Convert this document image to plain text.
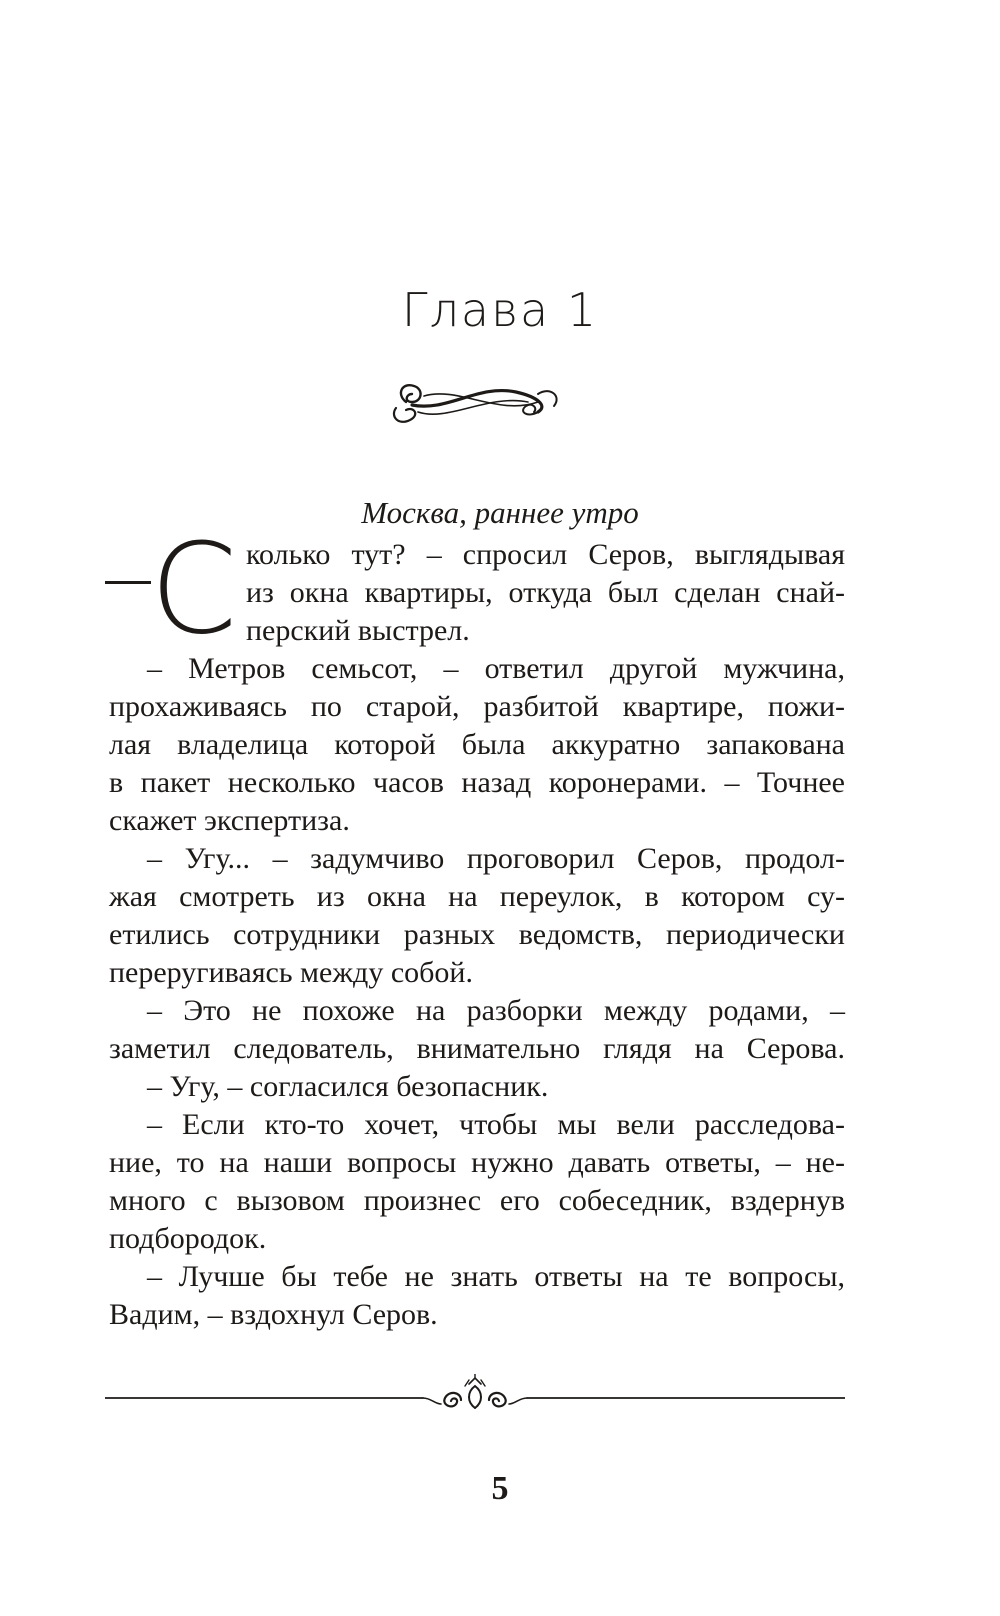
Глава 1
Москва, раннее утро
С колько тут? – спросил Серов, выглядывая
из окна квартиры, откуда был сделан снай-
перский выстрел.
– Метров семьсот, – ответил другой мужчина,
прохаживаясь по старой, разбитой квартире, пожи-
лая владелица которой была аккуратно запакована
в пакет несколько часов назад коронерами. – Точнее
скажет экспертиза.
– Угу... – задумчиво проговорил Серов, продол-
жая смотреть из окна на переулок, в котором су-
етились сотрудники разных ведомств, периодически
переругиваясь между собой.
– Это не похоже на разборки между родами, –
заметил следователь, внимательно глядя на Серова.
– Угу, – согласился безопасник.
– Если кто-то хочет, чтобы мы вели расследова-
ние, то на наши вопросы нужно давать ответы, – не-
много с вызовом произнес его собеседник, вздернув
подбородок.
– Лучше бы тебе не знать ответы на те вопросы,
Вадим, – вздохнул Серов.
5
